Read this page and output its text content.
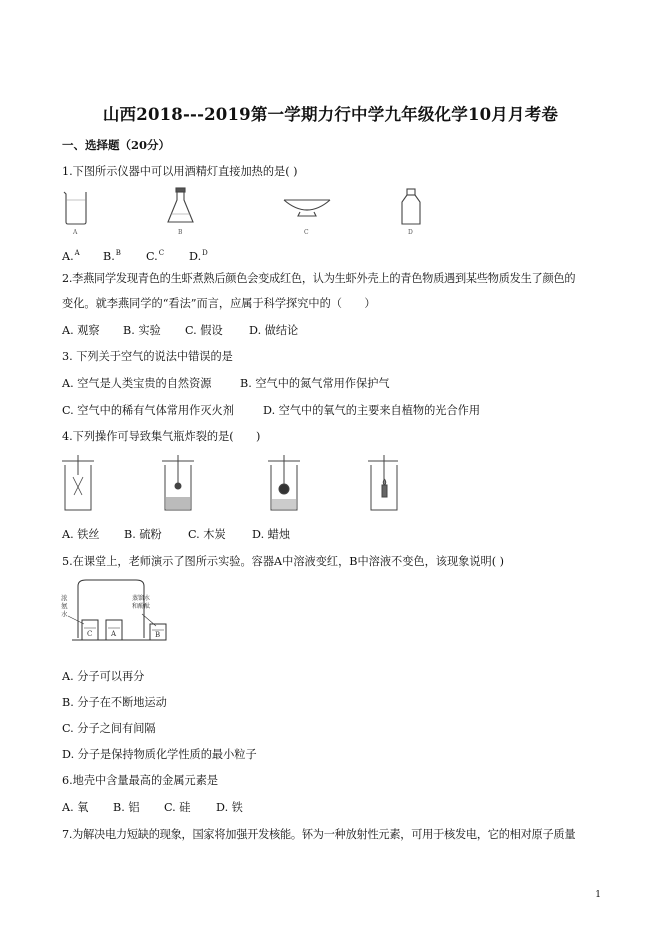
山西2018---2019第一学期力行中学九年级化学10月月考卷
一、选择题（20分）
1.下图所示仪器中可以用酒精灯直接加热的是( )
A	B	C	D
A.$^A$ B.$^B$ C.$^C$ D.$^D$
2.李燕同学发现青色的生虾煮熟后颜色会变成红色，认为生虾外壳上的青色物质遇到某些物质发生了颜色的
变化。就李燕同学的“看法”而言，应属于科学探究中的（　　）
A. 观察 B. 实验 C. 假设 D. 做结论
3. 下列关于空气的说法中错误的是
A. 空气是人类宝贵的自然资源	B. 空气中的氮气常用作保护气
C. 空气中的稀有气体常用作灭火剂	D. 空气中的氧气的主要来自植物的光合作用
4.下列操作可导致集气瓶炸裂的是(　　)
A. 铁丝 B. 硫粉 C. 木炭 D. 蜡烛
5.在课堂上，老师演示了图所示实验。容器A中溶液变红，B中溶液不变色，该现象说明( )
浓
氨
水
蒸馏水
和酚酞
C	A	B
A. 分子可以再分
B. 分子在不断地运动
C. 分子之间有间隔
D. 分子是保持物质化学性质的最小粒子
6.地壳中含量最高的金属元素是
A. 氧 B. 铝 C. 硅 D. 铁
7.为解决电力短缺的现象，国家将加强开发核能。钚为一种放射性元素，可用于核发电，它的相对原子质量
1
